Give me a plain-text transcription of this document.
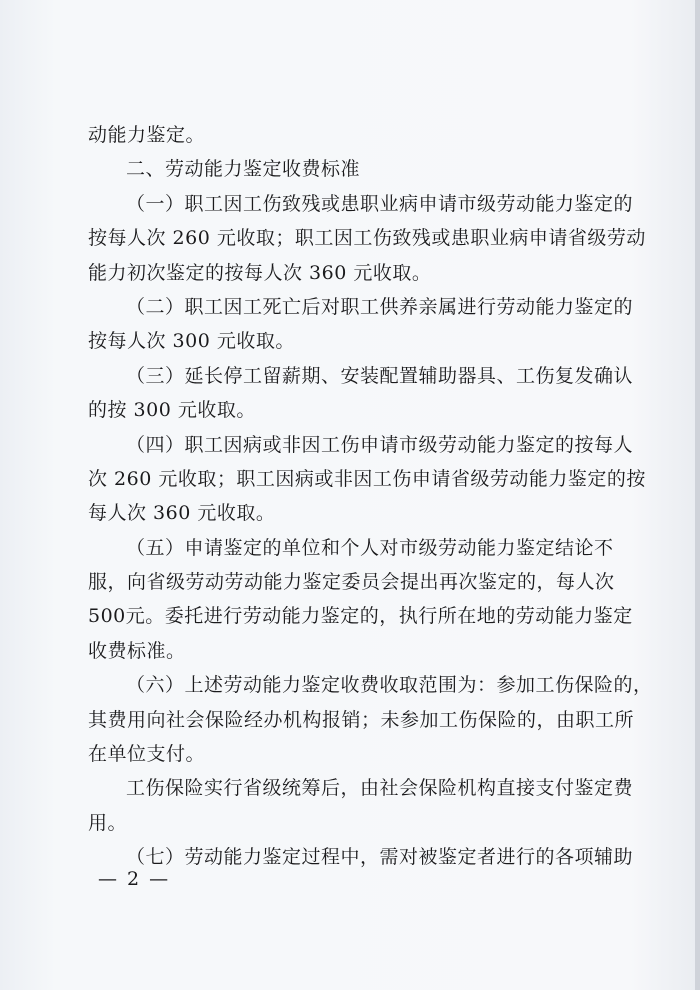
动能力鉴定。
二、劳动能力鉴定收费标准
（一）职工因工伤致残或患职业病申请市级劳动能力鉴定的
按每人次 260 元收取；职工因工伤致残或患职业病申请省级劳动
能力初次鉴定的按每人次 360 元收取。
（二）职工因工死亡后对职工供养亲属进行劳动能力鉴定的
按每人次 300 元收取。
（三）延长停工留薪期、安装配置辅助器具、工伤复发确认
的按 300 元收取。
（四）职工因病或非因工伤申请市级劳动能力鉴定的按每人
次 260 元收取；职工因病或非因工伤申请省级劳动能力鉴定的按
每人次 360 元收取。
（五）申请鉴定的单位和个人对市级劳动能力鉴定结论不
服，向省级劳动劳动能力鉴定委员会提出再次鉴定的，每人次
500元。委托进行劳动能力鉴定的，执行所在地的劳动能力鉴定
收费标准。
（六）上述劳动能力鉴定收费收取范围为：参加工伤保险的，
其费用向社会保险经办机构报销；未参加工伤保险的，由职工所
在单位支付。
工伤保险实行省级统筹后，由社会保险机构直接支付鉴定费
用。
（七）劳动能力鉴定过程中，需对被鉴定者进行的各项辅助
— 2 —
